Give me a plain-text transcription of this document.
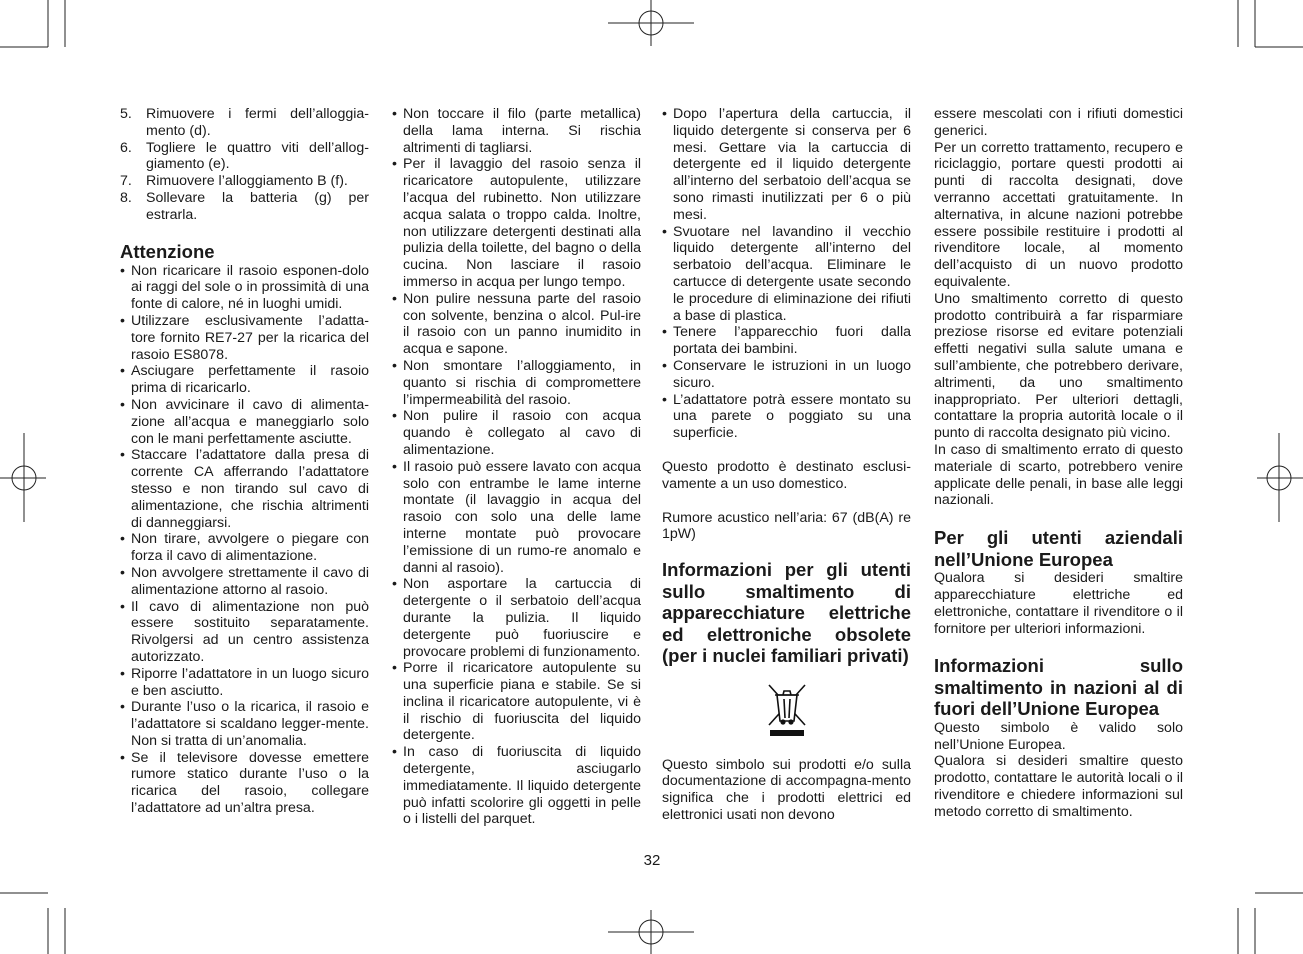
5. Rimuovere i fermi dell’alloggia-mento (d).
6. Togliere le quattro viti dell’allog-giamento (e).
7. Rimuovere l’alloggiamento B (f).
8. Sollevare la batteria (g) per estrarla.
Attenzione
• Non ricaricare il rasoio esponen-dolo ai raggi del sole o in prossimità di una fonte di calore, né in luoghi umidi.
• Utilizzare esclusivamente l’adatta-tore fornito RE7-27 per la ricarica del rasoio ES8078.
• Asciugare perfettamente il rasoio prima di ricaricarlo.
• Non avvicinare il cavo di alimenta-zione all’acqua e maneggiarlo solo con le mani perfettamente asciutte.
• Staccare l’adattatore dalla presa di corrente CA afferrando l’adattatore stesso e non tirando sul cavo di alimentazione, che rischia altrimenti di danneggiarsi.
• Non tirare, avvolgere o piegare con forza il cavo di alimentazione.
• Non avvolgere strettamente il cavo di alimentazione attorno al rasoio.
• Il cavo di alimentazione non può essere sostituito separatamente. Rivolgersi ad un centro assistenza autorizzato.
• Riporre l’adattatore in un luogo sicuro e ben asciutto.
• Durante l’uso o la ricarica, il rasoio e l’adattatore si scaldano legger-mente. Non si tratta di un’anomalia.
• Se il televisore dovesse emettere rumore statico durante l’uso o la ricarica del rasoio, collegare l’adattatore ad un’altra presa.
• Non toccare il filo (parte metallica) della lama interna. Si rischia altrimenti di tagliarsi.
• Per il lavaggio del rasoio senza il ricaricatore autopulente, utilizzare l’acqua del rubinetto. Non utilizzare acqua salata o troppo calda. Inoltre, non utilizzare detergenti destinati alla pulizia della toilette, del bagno o della cucina. Non lasciare il rasoio immerso in acqua per lungo tempo.
• Non pulire nessuna parte del rasoio con solvente, benzina o alcol. Pul-ire il rasoio con un panno inumidito in acqua e sapone.
• Non smontare l’alloggiamento, in quanto si rischia di compromettere l’impermeabilità del rasoio.
• Non pulire il rasoio con acqua quando è collegato al cavo di alimentazione.
• Il rasoio può essere lavato con acqua solo con entrambe le lame interne montate (il lavaggio in acqua del rasoio con solo una delle lame interne montate può provocare l’emissione di un rumo-re anomalo e danni al rasoio).
• Non asportare la cartuccia di detergente o il serbatoio dell’acqua durante la pulizia. Il liquido detergente può fuoriuscire e provocare problemi di funzionamento.
• Porre il ricaricatore autopulente su una superficie piana e stabile. Se si inclina il ricaricatore autopulente, vi è il rischio di fuoriuscita del liquido detergente.
• In caso di fuoriuscita di liquido detergente, asciugarlo immediatamente. Il liquido detergente può infatti scolorire gli oggetti in pelle o i listelli del parquet.
• Dopo l’apertura della cartuccia, il liquido detergente si conserva per 6 mesi. Gettare via la cartuccia di detergente ed il liquido detergente all’interno del serbatoio dell’acqua se sono rimasti inutilizzati per 6 o più mesi.
• Svuotare nel lavandino il vecchio liquido detergente all’interno del serbatoio dell’acqua. Eliminare le cartucce di detergente usate secondo le procedure di eliminazione dei rifiuti a base di plastica.
• Tenere l’apparecchio fuori dalla portata dei bambini.
• Conservare le istruzioni in un luogo sicuro.
• L’adattatore potrà essere montato su una parete o poggiato su una superficie.

Questo prodotto è destinato esclusi-vamente a un uso domestico.

Rumore acustico nell’aria: 67 (dB(A) re 1pW)

Informazioni per gli utenti sullo smaltimento di apparecchiature elettriche ed elettroniche obsolete (per i nuclei familiari privati)

Questo simbolo sui prodotti e/o sulla documentazione di accompagna-mento significa che i prodotti elettrici ed elettronici usati non devono

essere mescolati con i rifiuti domestici generici.

Per un corretto trattamento, recupero e riciclaggio, portare questi prodotti ai punti di raccolta designati, dove verranno accettati gratuitamente. In alternativa, in alcune nazioni potrebbe essere possibile restituire i prodotti al rivenditore locale, al momento dell’acquisto di un nuovo prodotto equivalente.

Uno smaltimento corretto di questo prodotto contribuirà a far risparmiare preziose risorse ed evitare potenziali effetti negativi sulla salute umana e sull’ambiente, che potrebbero derivare, altrimenti, da uno smaltimento inappropriato. Per ulteriori dettagli, contattare la propria autorità locale o il punto di raccolta designato più vicino.

In caso di smaltimento errato di questo materiale di scarto, potrebbero venire applicate delle penali, in base alle leggi nazionali.

Per gli utenti aziendali nell’Unione Europea

Qualora si desideri smaltire apparecchiature elettriche ed elettroniche, contattare il rivenditore o il fornitore per ulteriori informazioni.

Informazioni sullo smaltimento in nazioni al di fuori dell’Unione Europea

Questo simbolo è valido solo nell’Unione Europea.

Qualora si desideri smaltire questo prodotto, contattare le autorità locali o il rivenditore e chiedere informazioni sul metodo corretto di smaltimento.

32
